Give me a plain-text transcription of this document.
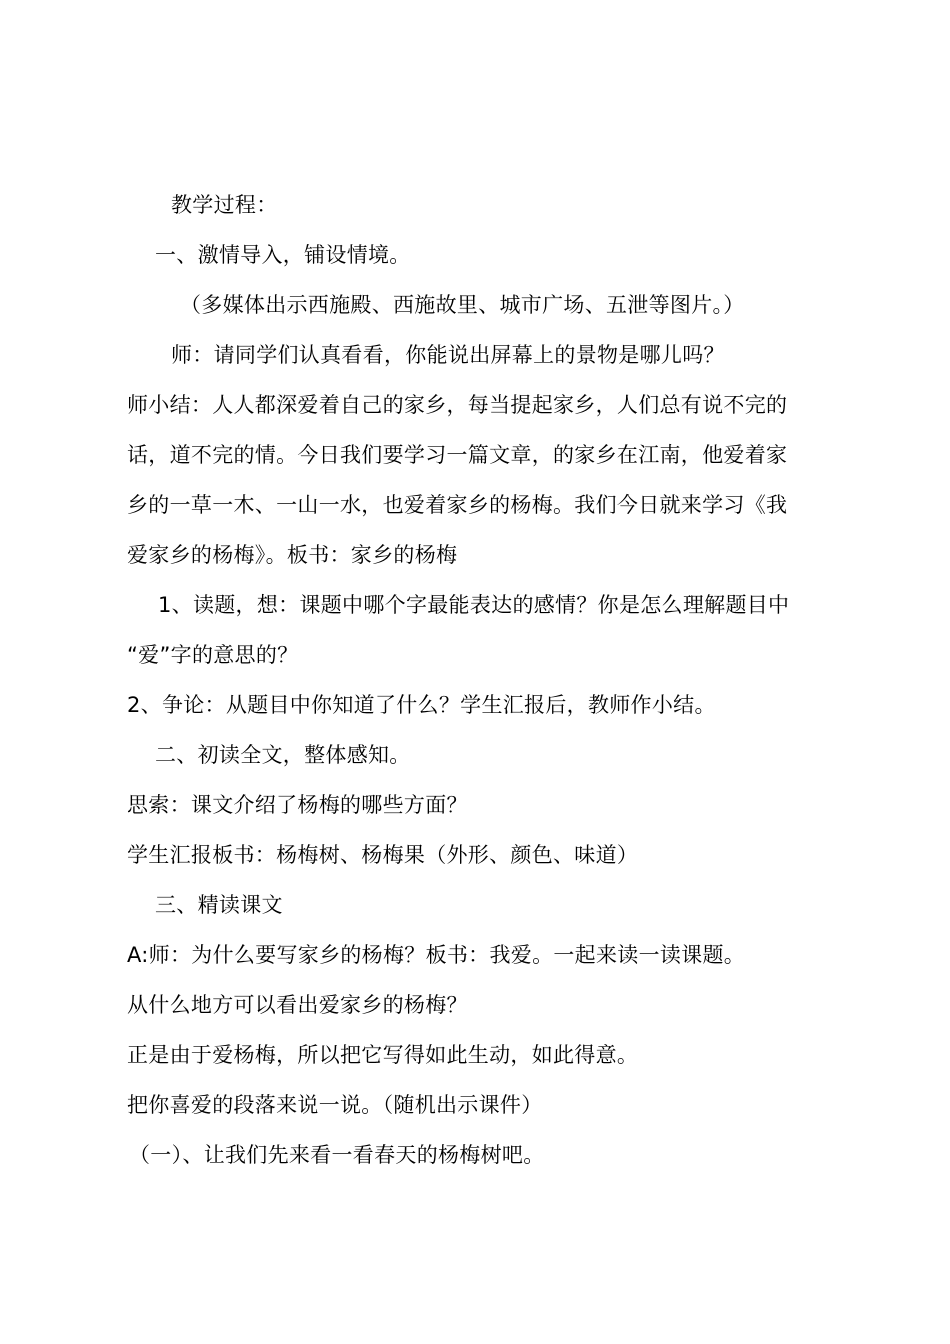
教学过程：
一、激情导入，铺设情境。
（多媒体出示西施殿、西施故里、城市广场、五泄等图片。）
师：请同学们认真看看，你能说出屏幕上的景物是哪儿吗？
师小结：人人都深爱着自己的家乡，每当提起家乡，人们总有说不完的
话，道不完的情。今日我们要学习一篇文章，的家乡在江南，他爱着家
乡的一草一木、一山一水，也爱着家乡的杨梅。我们今日就来学习《我
爱家乡的杨梅》。板书：家乡的杨梅
1、读题，想：课题中哪个字最能表达的感情？你是怎么理解题目中
“爱”字的意思的？
2、争论：从题目中你知道了什么？学生汇报后，教师作小结。
二、初读全文，整体感知。
思索：课文介绍了杨梅的哪些方面？
学生汇报板书：杨梅树、杨梅果（外形、颜色、味道）
三、精读课文
A:师：为什么要写家乡的杨梅？板书：我爱。一起来读一读课题。
从什么地方可以看出爱家乡的杨梅？
正是由于爱杨梅，所以把它写得如此生动，如此得意。
把你喜爱的段落来说一说。（随机出示课件）
（一）、让我们先来看一看春天的杨梅树吧。
